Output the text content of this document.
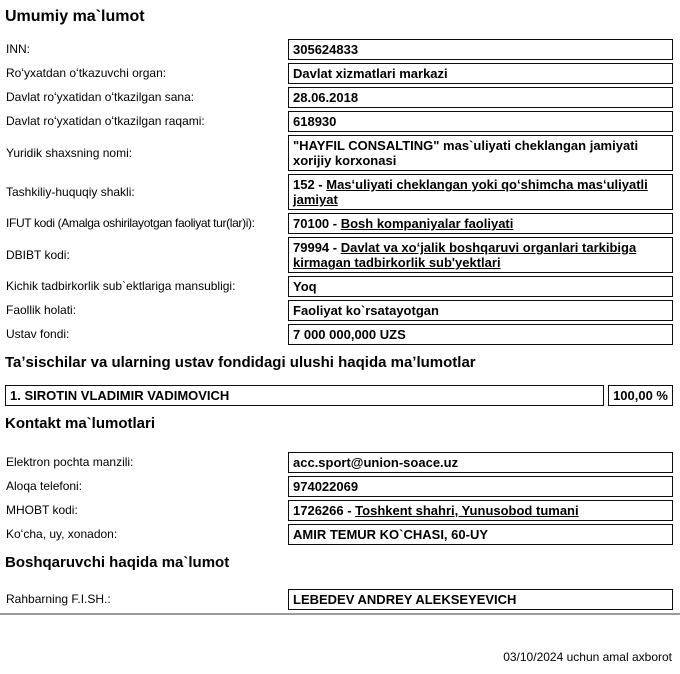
Umumiy ma`lumot
INN:	305624833
Roʻyxatdan oʻtkazuvchi organ:	Davlat xizmatlari markazi
Davlat roʻyxatidan oʻtkazilgan sana:	28.06.2018
Davlat roʻyxatidan oʻtkazilgan raqami:	618930
Yuridik shaxsning nomi:	"HAYFIL CONSALTING" mas`uliyati cheklangan jamiyati xorijiy korxonasi
Tashkiliy-huquqiy shakli:	152 - Masʻuliyati cheklangan yoki qoʻshimcha masʻuliyatli jamiyat
IFUT kodi (Amalga oshirilayotgan faoliyat tur(lar)i):	70100 - Bosh kompaniyalar faoliyati
DBIBT kodi:	79994 - Davlat va xoʻjalik boshqaruvi organlari tarkibiga kirmagan tadbirkorlik sub'yektlari
Kichik tadbirkorlik sub`ektlariga mansubligi:	Yoq
Faollik holati:	Faoliyat ko`rsatayotgan
Ustav fondi:	7 000 000,000 UZS
Taʼsischilar va ularning ustav fondidagi ulushi haqida maʼlumotlar
1. SIROTIN VLADIMIR VADIMOVICH	100,00 %
Kontakt ma`lumotlari
Elektron pochta manzili:	acc.sport@union-soace.uz
Aloqa telefoni:	974022069
MHOBT kodi:	1726266 - Toshkent shahri, Yunusobod tumani
Koʻcha, uy, xonadon:	AMIR TEMUR KO`CHASI, 60-UY
Boshqaruvchi haqida ma`lumot
Rahbarning F.I.SH.:	LEBEDEV ANDREY ALEKSEYEVICH
03/10/2024 uchun amal axborot
